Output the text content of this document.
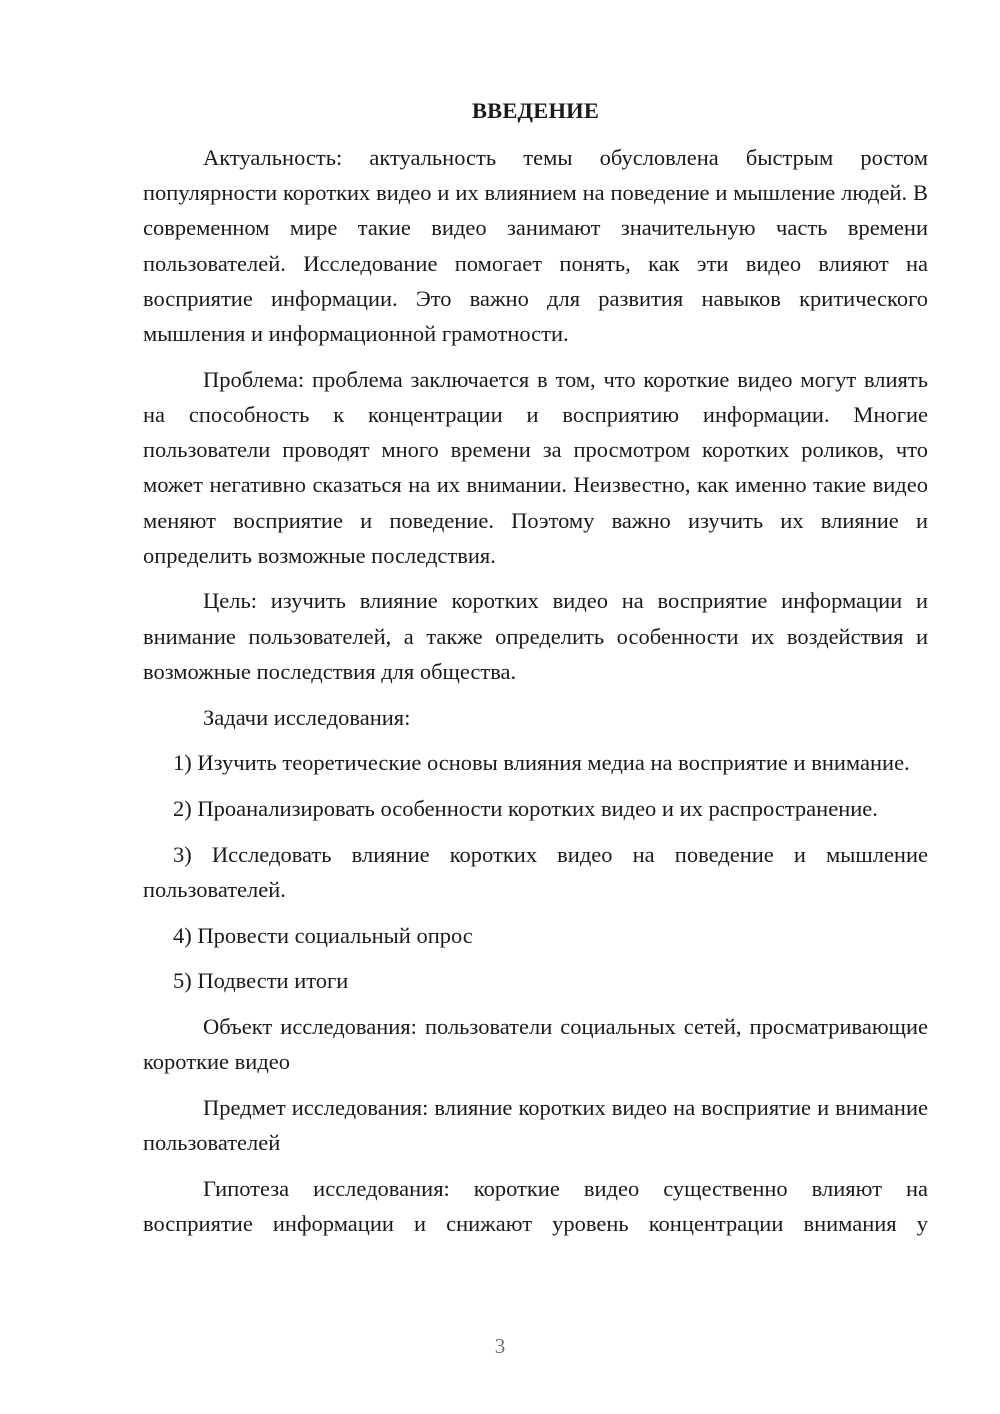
ВВЕДЕНИЕ

Актуальность: актуальность темы обусловлена быстрым ростом популярности коротких видео и их влиянием на поведение и мышление людей. В современном мире такие видео занимают значительную часть времени пользователей. Исследование помогает понять, как эти видео влияют на восприятие информации. Это важно для развития навыков критического мышления и информационной грамотности.

Проблема: проблема заключается в том, что короткие видео могут влиять на способность к концентрации и восприятию информации. Многие пользователи проводят много времени за просмотром коротких роликов, что может негативно сказаться на их внимании. Неизвестно, как именно такие видео меняют восприятие и поведение. Поэтому важно изучить их влияние и определить возможные последствия.

Цель: изучить влияние коротких видео на восприятие информации и внимание пользователей, а также определить особенности их воздействия и возможные последствия для общества.

Задачи исследования:

1) Изучить теоретические основы влияния медиа на восприятие и внимание.

2) Проанализировать особенности коротких видео и их распространение.

3) Исследовать влияние коротких видео на поведение и мышление пользователей.

4) Провести социальный опрос

5) Подвести итоги

Объект исследования: пользователи социальных сетей, просматривающие короткие видео

Предмет исследования: влияние коротких видео на восприятие и внимание пользователей

Гипотеза исследования: короткие видео существенно влияют на восприятие информации и снижают уровень концентрации внимания у

3
